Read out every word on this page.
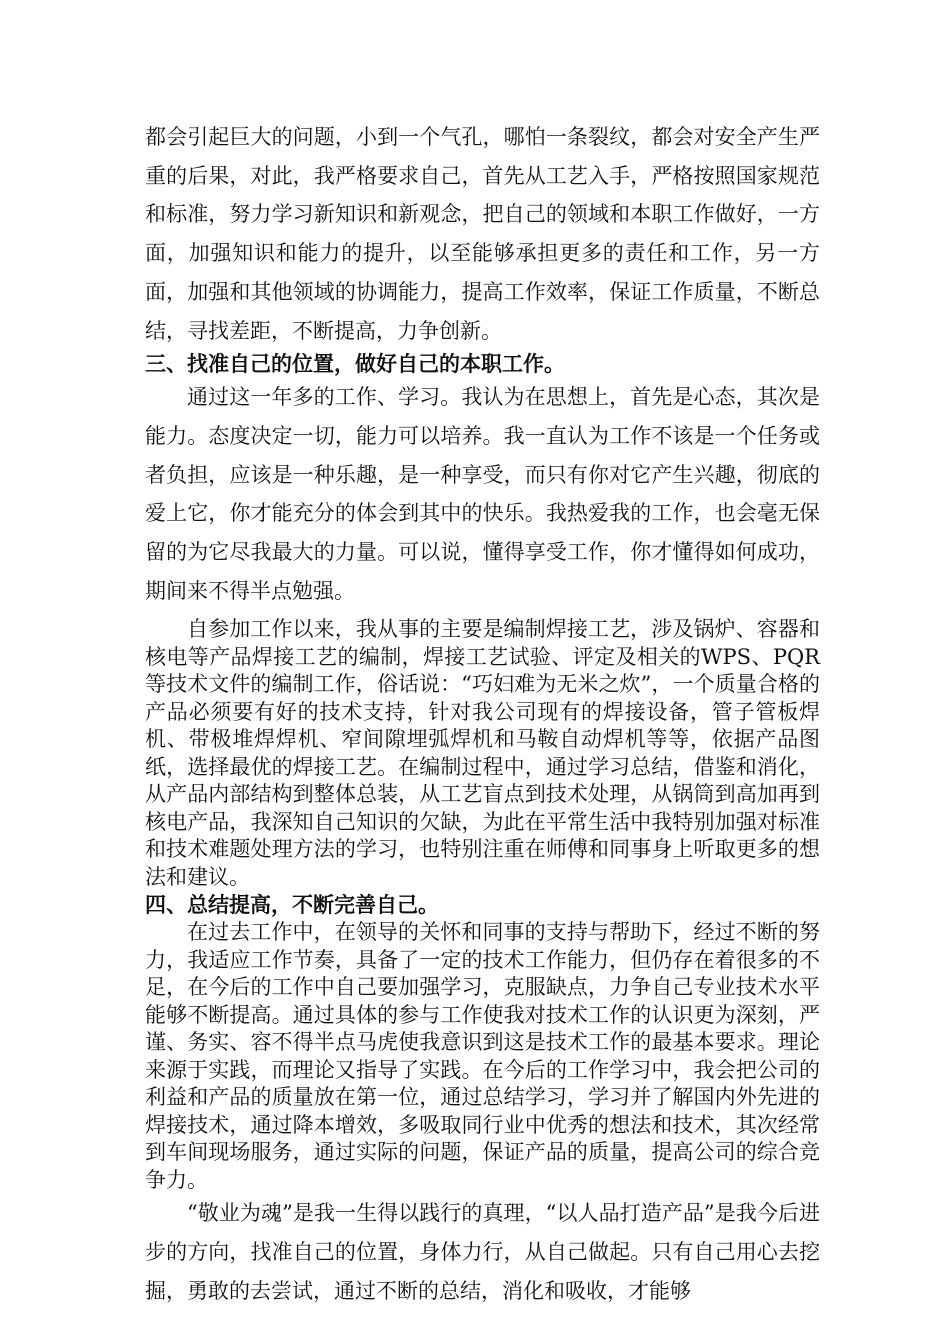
都会引起巨大的问题，小到一个气孔，哪怕一条裂纹，都会对安全产生严重的后果，对此，我严格要求自己，首先从工艺入手，严格按照国家规范和标准，努力学习新知识和新观念，把自己的领域和本职工作做好，一方面，加强知识和能力的提升，以至能够承担更多的责任和工作，另一方面，加强和其他领域的协调能力，提高工作效率，保证工作质量，不断总结，寻找差距，不断提高，力争创新。

三、找准自己的位置，做好自己的本职工作。

通过这一年多的工作、学习。我认为在思想上，首先是心态，其次是能力。态度决定一切，能力可以培养。我一直认为工作不该是一个任务或者负担，应该是一种乐趣，是一种享受，而只有你对它产生兴趣，彻底的爱上它，你才能充分的体会到其中的快乐。我热爱我的工作，也会毫无保留的为它尽我最大的力量。可以说，懂得享受工作，你才懂得如何成功，期间来不得半点勉强。

自参加工作以来，我从事的主要是编制焊接工艺，涉及锅炉、容器和核电等产品焊接工艺的编制，焊接工艺试验、评定及相关的WPS、PQR等技术文件的编制工作，俗话说：“巧妇难为无米之炊”，一个质量合格的产品必须要有好的技术支持，针对我公司现有的焊接设备，管子管板焊机、带极堆焊焊机、窄间隙埋弧焊机和马鞍自动焊机等等，依据产品图纸，选择最优的焊接工艺。在编制过程中，通过学习总结，借鉴和消化，从产品内部结构到整体总装，从工艺盲点到技术处理，从锅筒到高加再到核电产品，我深知自己知识的欠缺，为此在平常生活中我特别加强对标准和技术难题处理方法的学习，也特别注重在师傅和同事身上听取更多的想法和建议。

四、总结提高，不断完善自己。

在过去工作中，在领导的关怀和同事的支持与帮助下，经过不断的努力，我适应工作节奏，具备了一定的技术工作能力，但仍存在着很多的不足，在今后的工作中自己要加强学习，克服缺点，力争自己专业技术水平能够不断提高。通过具体的参与工作使我对技术工作的认识更为深刻，严谨、务实、容不得半点马虎使我意识到这是技术工作的最基本要求。理论来源于实践，而理论又指导了实践。在今后的工作学习中，我会把公司的利益和产品的质量放在第一位，通过总结学习，学习并了解国内外先进的焊接技术，通过降本增效，多吸取同行业中优秀的想法和技术，其次经常到车间现场服务，通过实际的问题，保证产品的质量，提高公司的综合竞争力。

“敬业为魂”是我一生得以践行的真理，“以人品打造产品”是我今后进步的方向，找准自己的位置，身体力行，从自己做起。只有自己用心去挖掘，勇敢的去尝试，通过不断的总结，消化和吸收，才能够
